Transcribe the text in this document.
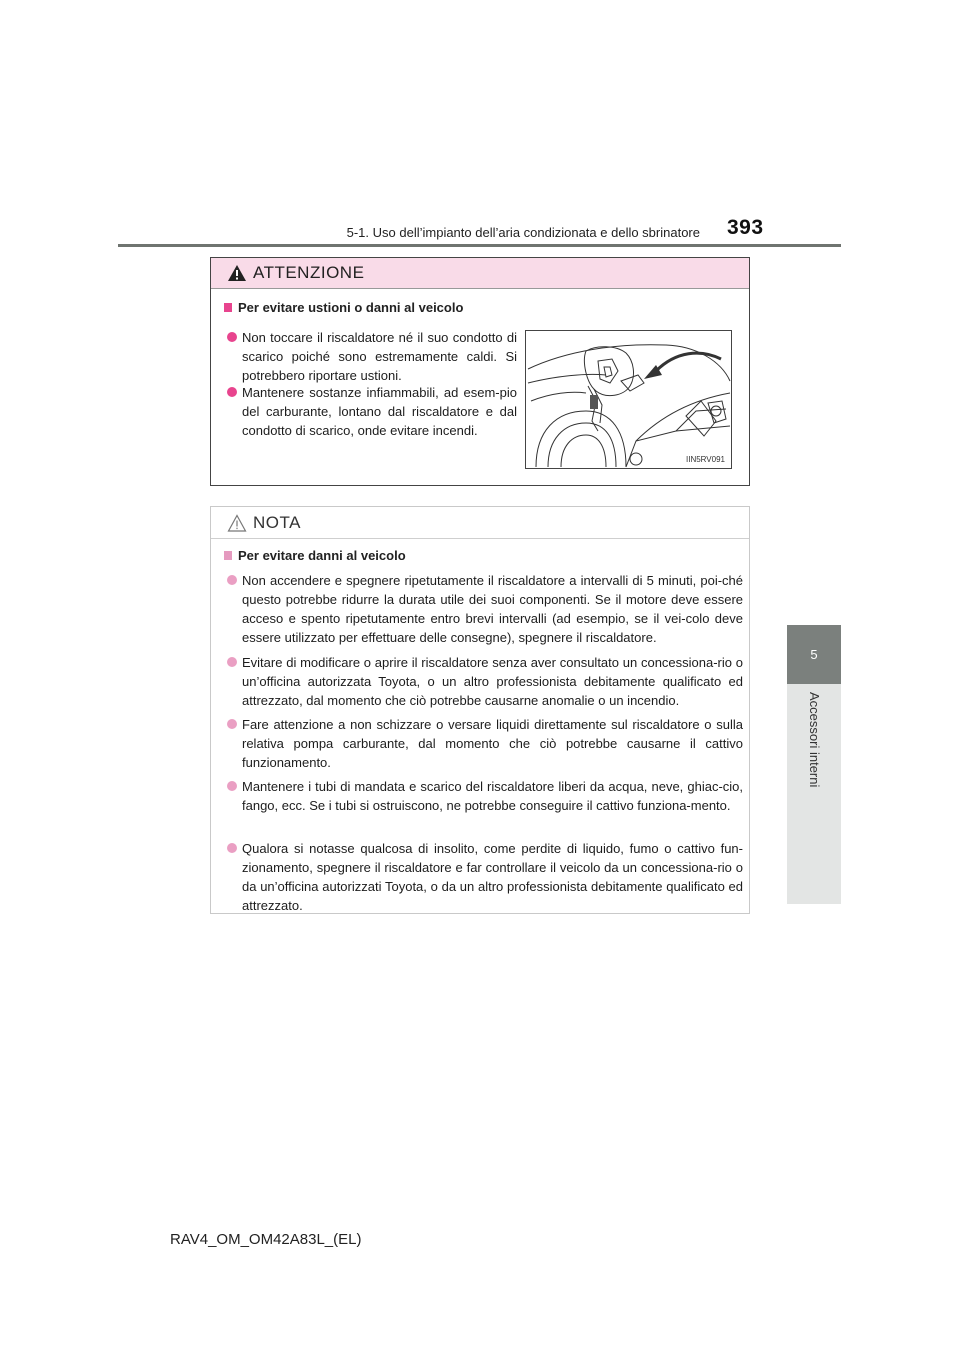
5-1. Uso dell’impianto dell’aria condizionata e dello sbrinatore 393
5
Accessori interni
ATTENZIONE
Per evitare ustioni o danni al veicolo
Non toccare il riscaldatore né il suo condotto di scarico poiché sono estremamente caldi. Si potrebbero riportare ustioni.
Mantenere sostanze infiammabili, ad esem-pio del carburante, lontano dal riscaldatore e dal condotto di scarico, onde evitare incendi.
IIN5RV091
NOTA
Per evitare danni al veicolo
Non accendere e spegnere ripetutamente il riscaldatore a intervalli di 5 minuti, poi-ché questo potrebbe ridurre la durata utile dei suoi componenti. Se il motore deve essere acceso e spento ripetutamente entro brevi intervalli (ad esempio, se il vei-colo deve essere utilizzato per effettuare delle consegne), spegnere il riscaldatore.
Evitare di modificare o aprire il riscaldatore senza aver consultato un concessiona-rio o un’officina autorizzata Toyota, o un altro professionista debitamente qualificato ed attrezzato, dal momento che ciò potrebbe causarne anomalie o un incendio.
Fare attenzione a non schizzare o versare liquidi direttamente sul riscaldatore o sulla relativa pompa carburante, dal momento che ciò potrebbe causarne il cattivo funzionamento.
Mantenere i tubi di mandata e scarico del riscaldatore liberi da acqua, neve, ghiac-cio, fango, ecc. Se i tubi si ostruiscono, ne potrebbe conseguire il cattivo funziona-mento.
Qualora si notasse qualcosa di insolito, come perdite di liquido, fumo o cattivo fun-zionamento, spegnere il riscaldatore e far controllare il veicolo da un concessiona-rio o da un’officina autorizzati Toyota, o da un altro professionista debitamente qualificato ed attrezzato.
RAV4_OM_OM42A83L_(EL)
